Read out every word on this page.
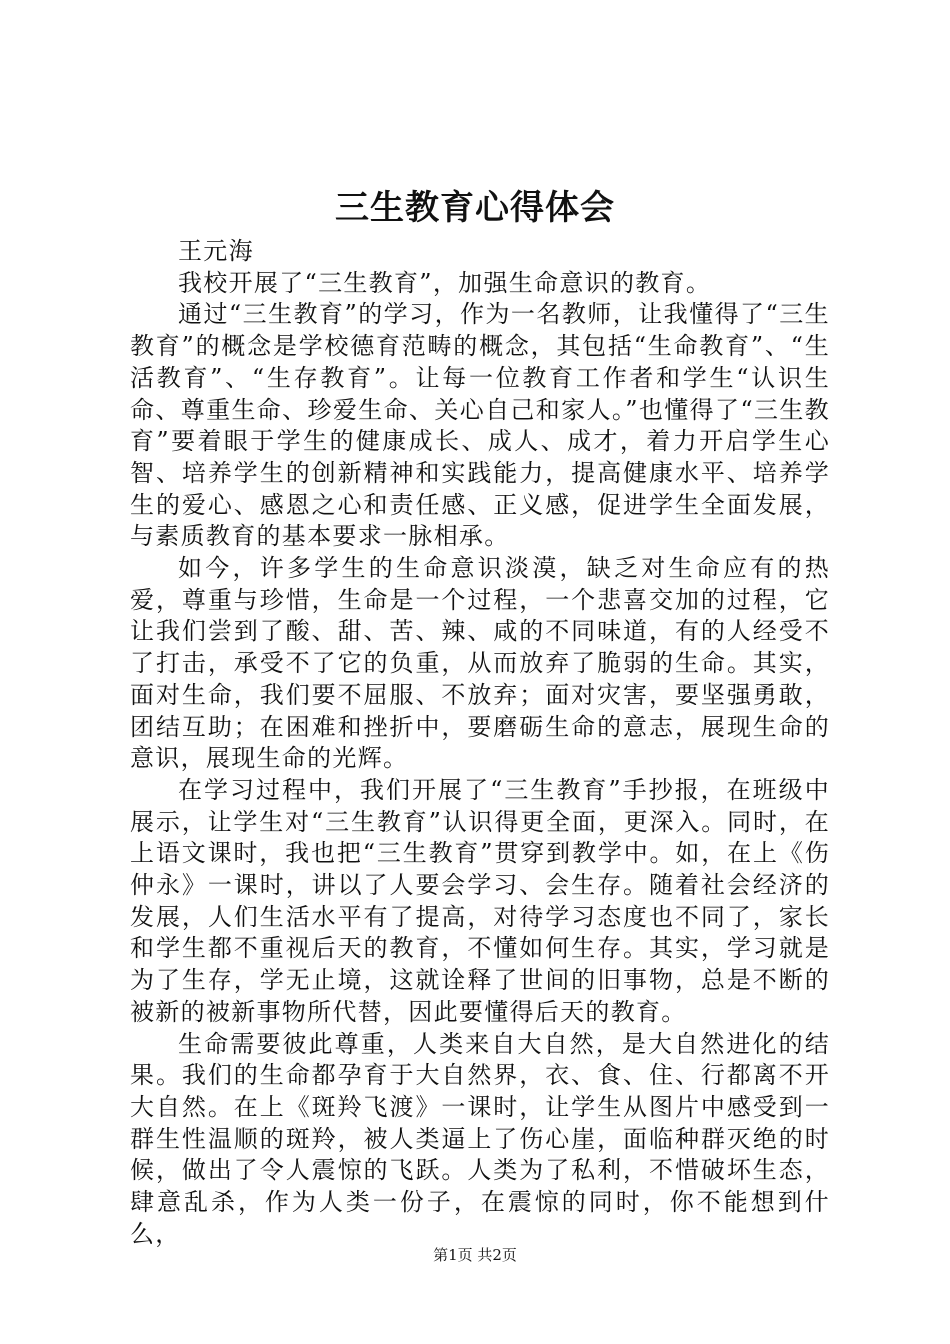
三生教育心得体会

王元海

我校开展了“三生教育”，加强生命意识的教育。

通过“三生教育”的学习，作为一名教师，让我懂得了“三生教育”的概念是学校德育范畴的概念，其包括“生命教育”、“生活教育”、“生存教育”。让每一位教育工作者和学生“认识生命、尊重生命、珍爱生命、关心自己和家人。”也懂得了“三生教育”要着眼于学生的健康成长、成人、成才，着力开启学生心智、培养学生的创新精神和实践能力，提高健康水平、培养学生的爱心、感恩之心和责任感、正义感，促进学生全面发展，与素质教育的基本要求一脉相承。

如今，许多学生的生命意识淡漠，缺乏对生命应有的热爱，尊重与珍惜，生命是一个过程，一个悲喜交加的过程，它让我们尝到了酸、甜、苦、辣、咸的不同味道，有的人经受不了打击，承受不了它的负重，从而放弃了脆弱的生命。其实，面对生命，我们要不屈服、不放弃；面对灾害，要坚强勇敢，团结互助；在困难和挫折中，要磨砺生命的意志，展现生命的意识，展现生命的光辉。

在学习过程中，我们开展了“三生教育”手抄报，在班级中展示，让学生对“三生教育”认识得更全面，更深入。同时，在上语文课时，我也把“三生教育”贯穿到教学中。如，在上《伤仲永》一课时，讲以了人要会学习、会生存。随着社会经济的发展，人们生活水平有了提高，对待学习态度也不同了，家长和学生都不重视后天的教育，不懂如何生存。其实，学习就是为了生存，学无止境，这就诠释了世间的旧事物，总是不断的被新的被新事物所代替，因此要懂得后天的教育。

生命需要彼此尊重，人类来自大自然，是大自然进化的结果。我们的生命都孕育于大自然界，衣、食、住、行都离不开大自然。在上《斑羚飞渡》一课时，让学生从图片中感受到一群生性温顺的斑羚，被人类逼上了伤心崖，面临种群灭绝的时候，做出了令人震惊的飞跃。人类为了私利，不惜破坏生态，肆意乱杀，作为人类一份子，在震惊的同时，你不能想到什么，

第1页 共2页
